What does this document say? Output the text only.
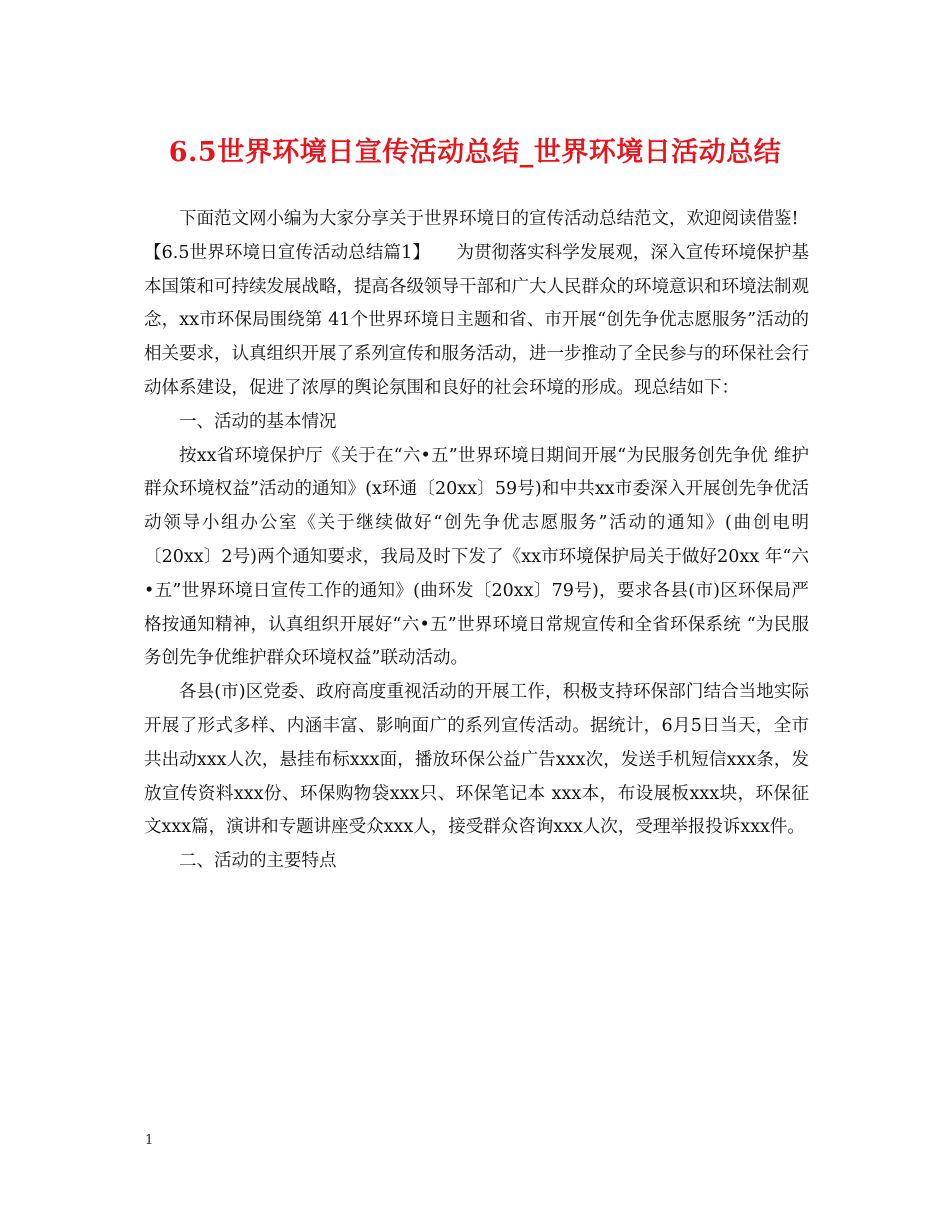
6.5世界环境日宣传活动总结_世界环境日活动总结

下面范文网小编为大家分享关于世界环境日的宣传活动总结范文，欢迎阅读借鉴!

【6.5世界环境日宣传活动总结篇1】　　为贯彻落实科学发展观，深入宣传环境保护基本国策和可持续发展战略，提高各级领导干部和广大人民群众的环境意识和环境法制观念，xx市环保局围绕第 41个世界环境日主题和省、市开展“创先争优志愿服务”活动的相关要求，认真组织开展了系列宣传和服务活动，进一步推动了全民参与的环保社会行动体系建设，促进了浓厚的舆论氛围和良好的社会环境的形成。现总结如下：

一、活动的基本情况

按xx省环境保护厅《关于在“六•五”世界环境日期间开展“为民服务创先争优 维护群众环境权益”活动的通知》(x环通〔20xx〕59号)和中共xx市委深入开展创先争优活动领导小组办公室《关于继续做好“创先争优志愿服务”活动的通知》(曲创电明〔20xx〕2号)两个通知要求，我局及时下发了《xx市环境保护局关于做好20xx 年“六•五”世界环境日宣传工作的通知》(曲环发〔20xx〕79号)，要求各县(市)区环保局严格按通知精神，认真组织开展好“六•五”世界环境日常规宣传和全省环保系统 “为民服务创先争优维护群众环境权益”联动活动。

各县(市)区党委、政府高度重视活动的开展工作，积极支持环保部门结合当地实际开展了形式多样、内涵丰富、影响面广的系列宣传活动。据统计，6月5日当天，全市共出动xxx人次，悬挂布标xxx面，播放环保公益广告xxx次，发送手机短信xxx条，发放宣传资料xxx份、环保购物袋xxx只、环保笔记本 xxx本，布设展板xxx块，环保征文xxx篇，演讲和专题讲座受众xxx人，接受群众咨询xxx人次，受理举报投诉xxx件。

二、活动的主要特点

1
